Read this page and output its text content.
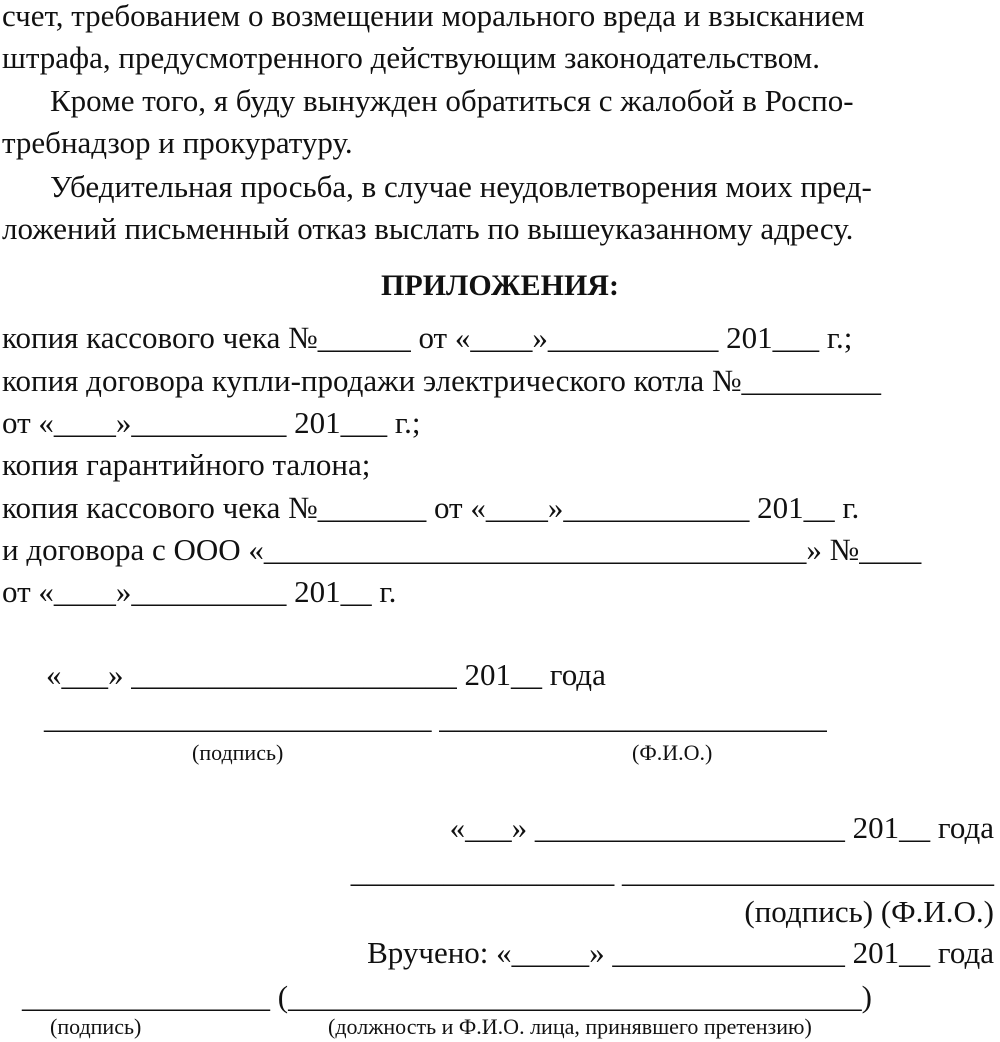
счет, требованием о возмещении морального вреда и взысканием
штрафа, предусмотренного действующим законодательством.
Кроме того, я буду вынужден обратиться с жалобой в Роспо-
требнадзор и прокуратуру.
Убедительная просьба, в случае неудовлетворения моих пред-
ложений письменный отказ выслать по вышеуказанному адресу.
ПРИЛОЖЕНИЯ:
копия кассового чека №______ от «____»___________ 201___ г.;
копия договора купли-продажи электрического котла №_________
от «____»__________ 201___ г.;
копия гарантийного талона;
копия кассового чека №_______ от «____»____________ 201__ г.
и договора с ООО «___________________________________» №____
от «____»__________ 201__ г.
«___» _____________________ 201__ года
_________________________ _________________________
(подпись)	(Ф.И.О.)
«___» ____________________ 201__ года
_________________ ________________________
(подпись) (Ф.И.О.)
Вручено: «_____» _______________ 201__ года
________________ (_____________________________________)
(подпись)	(должность и Ф.И.О. лица, принявшего претензию)
